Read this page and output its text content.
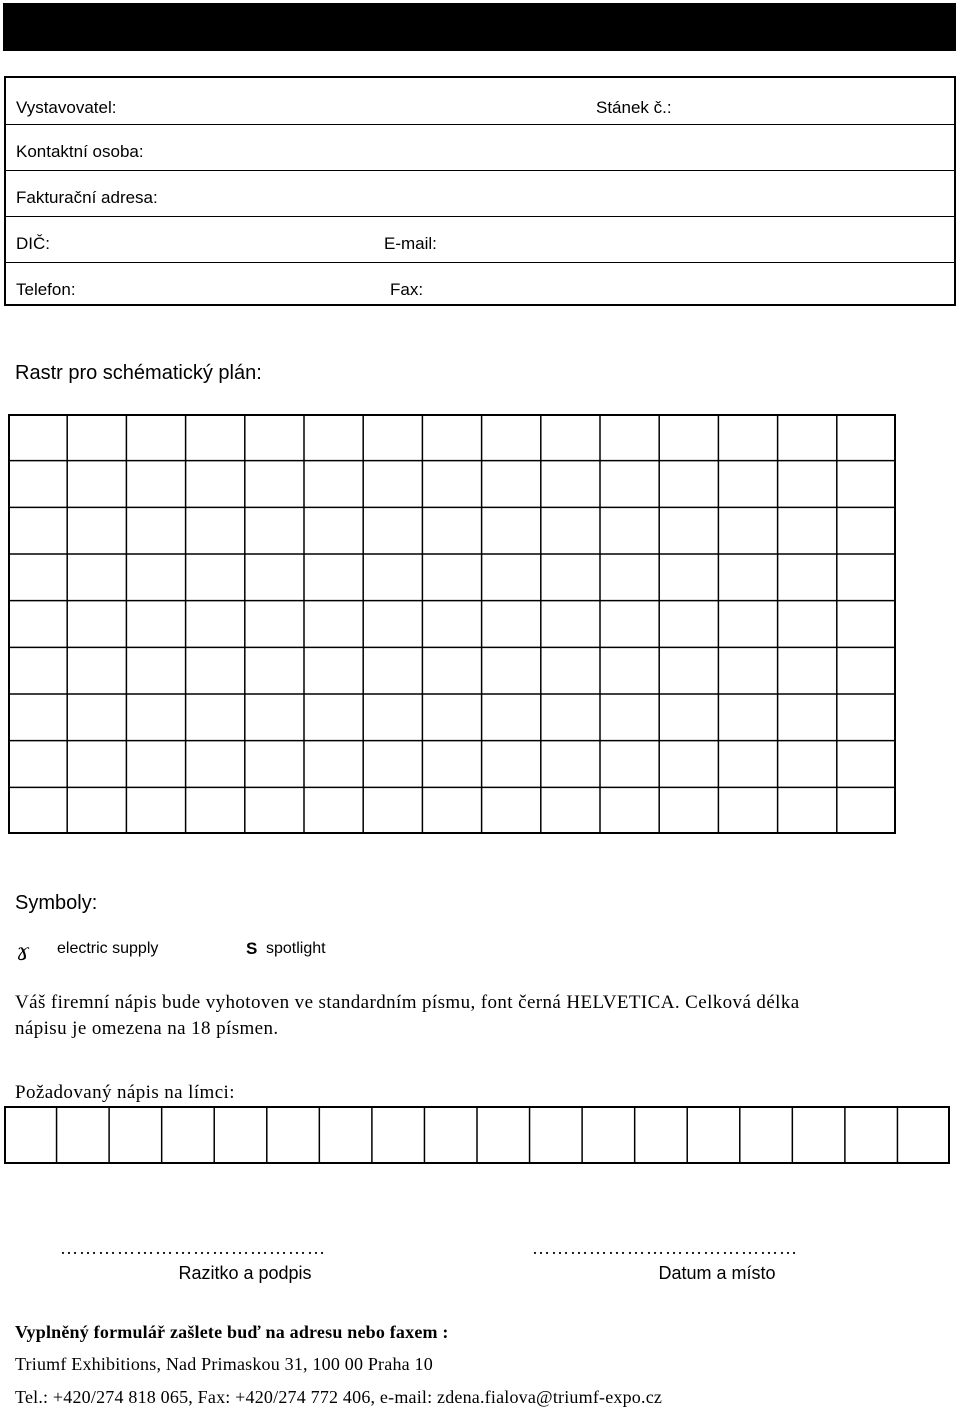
Vystavovatel:	Stánek č.:
Kontaktní osoba:
Fakturační adresa:
DIČ:	E-mail:
Telefon:	Fax:
Rastr pro schématický plán:
Symboly:
ɤ electric supply	S spotlight
Váš firemní nápis bude vyhotoven ve standardním písmu, font černá HELVETICA. Celková délka
nápisu je omezena na 18 písmen.
Požadovaný nápis na límci:
……………………………………	……………………………………
Razitko a podpis	Datum a místo
Vyplněný formulář zašlete buď na adresu nebo faxem :
Triumf Exhibitions, Nad Primaskou 31, 100 00 Praha 10
Tel.: +420/274 818 065, Fax: +420/274 772 406, e-mail: zdena.fialova@triumf-expo.cz
